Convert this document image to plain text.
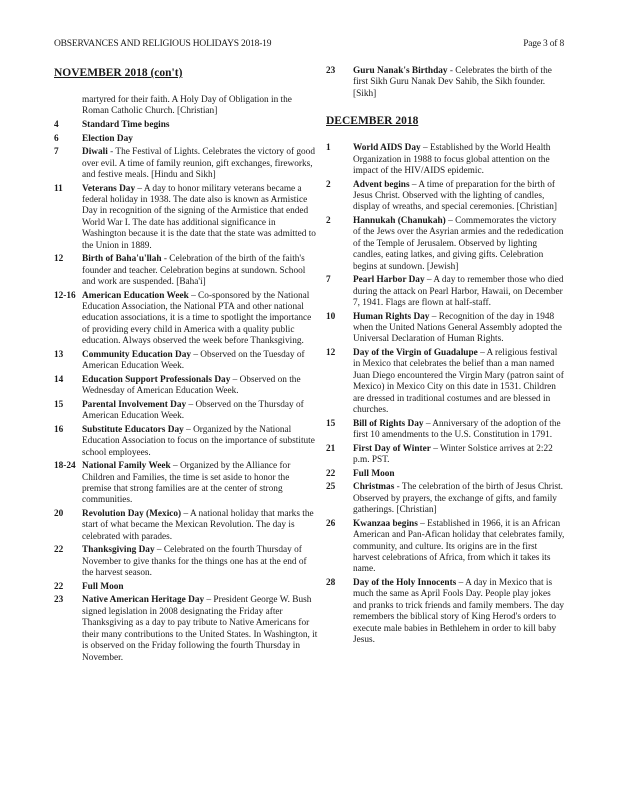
OBSERVANCES AND RELIGIOUS HOLIDAYS 2018-19	Page 3 of 8
NOVEMBER 2018 (con't)
martyred for their faith. A Holy Day of Obligation in the Roman Catholic Church. [Christian]
4	Standard Time begins
6	Election Day
7	Diwali - The Festival of Lights. Celebrates the victory of good over evil. A time of family reunion, gift exchanges, fireworks, and festive meals. [Hindu and Sikh]
11	Veterans Day – A day to honor military veterans became a federal holiday in 1938. The date also is known as Armistice Day in recognition of the signing of the Armistice that ended World War I. The date has additional significance in Washington because it is the date that the state was admitted to the Union in 1889.
12	Birth of Baha'u'llah - Celebration of the birth of the faith's founder and teacher. Celebration begins at sundown. School and work are suspended. [Baha'i]
12-16 American Education Week – Co-sponsored by the National Education Association, the National PTA and other national education associations, it is a time to spotlight the importance of providing every child in America with a quality public education. Always observed the week before Thanksgiving.
13	Community Education Day – Observed on the Tuesday of American Education Week.
14	Education Support Professionals Day – Observed on the Wednesday of American Education Week.
15	Parental Involvement Day – Observed on the Thursday of American Education Week.
16	Substitute Educators Day – Organized by the National Education Association to focus on the importance of substitute school employees.
18-24 National Family Week – Organized by the Alliance for Children and Families, the time is set aside to honor the premise that strong families are at the center of strong communities.
20	Revolution Day (Mexico) – A national holiday that marks the start of what became the Mexican Revolution. The day is celebrated with parades.
22	Thanksgiving Day – Celebrated on the fourth Thursday of November to give thanks for the things one has at the end of the harvest season.
22	Full Moon
23	Native American Heritage Day – President George W. Bush signed legislation in 2008 designating the Friday after Thanksgiving as a day to pay tribute to Native Americans for their many contributions to the United States. In Washington, it is observed on the Friday following the fourth Thursday in November.
23	Guru Nanak's Birthday - Celebrates the birth of the first Sikh Guru Nanak Dev Sahib, the Sikh founder. [Sikh]
DECEMBER 2018
1	World AIDS Day – Established by the World Health Organization in 1988 to focus global attention on the impact of the HIV/AIDS epidemic.
2	Advent begins – A time of preparation for the birth of Jesus Christ. Observed with the lighting of candles, display of wreaths, and special ceremonies. [Christian]
2	Hannukah (Chanukah) – Commemorates the victory of the Jews over the Asyrian armies and the rededication of the Temple of Jerusalem. Observed by lighting candles, eating latkes, and giving gifts. Celebration begins at sundown. [Jewish]
7	Pearl Harbor Day – A day to remember those who died during the attack on Pearl Harbor, Hawaii, on December 7, 1941. Flags are flown at half-staff.
10	Human Rights Day – Recognition of the day in 1948 when the United Nations General Assembly adopted the Universal Declaration of Human Rights.
12	Day of the Virgin of Guadalupe – A religious festival in Mexico that celebrates the belief than a man named Juan Diego encountered the Virgin Mary (patron saint of Mexico) in Mexico City on this date in 1531. Children are dressed in traditional costumes and are blessed in churches.
15	Bill of Rights Day – Anniversary of the adoption of the first 10 amendments to the U.S. Constitution in 1791.
21	First Day of Winter – Winter Solstice arrives at 2:22 p.m. PST.
22	Full Moon
25	Christmas - The celebration of the birth of Jesus Christ. Observed by prayers, the exchange of gifts, and family gatherings. [Christian]
26	Kwanzaa begins – Established in 1966, it is an African American and Pan-Afican holiday that celebrates family, community, and culture. Its origins are in the first harvest celebrations of Africa, from which it takes its name.
28	Day of the Holy Innocents – A day in Mexico that is much the same as April Fools Day. People play jokes and pranks to trick friends and family members. The day remembers the biblical story of King Herod's orders to execute male babies in Bethlehem in order to kill baby Jesus.
